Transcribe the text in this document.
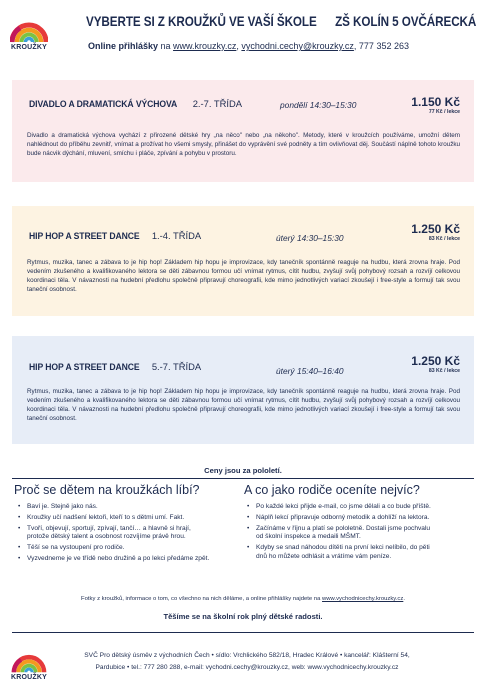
KROUŽKY
VYBERTE SI Z KROUŽKŮ VE VAŠÍ ŠKOLE ZŠ KOLÍN 5 OVČÁRECKÁ
Online přihlášky na www.krouzky.cz, vychodni.cechy@krouzky.cz, 777 352 263
DIVADLO A DRAMATICKÁ VÝCHOVA 2.-7. TŘÍDA	pondělí 14:30–15:30	1.150 Kč
77 Kč / lekce
Divadlo a dramatická výchova vychází z přirozené dětské hry „na něco" nebo „na někoho". Metody, které v kroužcích používáme, umožní dětem nahlédnout do příběhu zevnitř, vnímat a prožívat ho všemi smysly, přinášet do vyprávění své podněty a tím ovlivňovat děj. Součástí náplně tohoto kroužku bude nácvik dýchání, mluvení, smíchu i pláče, zpívání a pohybu v prostoru.
HIP HOP A STREET DANCE 1.-4. TŘÍDA	úterý 14:30–15:30
1.250 Kč
83 Kč / lekce
Rytmus, muzika, tanec a zábava to je hip hop! Základem hip hopu je improvizace, kdy tanečník spontánně reaguje na hudbu, která zrovna hraje. Pod vedením zkušeného a kvalifikovaného lektora se děti zábavnou formou učí vnímat rytmus, cítit hudbu, zvyšují svůj pohybový rozsah a rozvíjí celkovou koordinaci těla. V návaznosti na hudební předlohu společně připravují choreografii, kde mimo jednotlivých variací zkoušejí i free-style a formují tak svou taneční osobnost.
HIP HOP A STREET DANCE 5.-7. TŘÍDA	úterý 15:40–16:40
1.250 Kč
83 Kč / lekce
Rytmus, muzika, tanec a zábava to je hip hop! Základem hip hopu je improvizace, kdy tanečník spontánně reaguje na hudbu, která zrovna hraje. Pod vedením zkušeného a kvalifikovaného lektora se děti zábavnou formou učí vnímat rytmus, cítit hudbu, zvyšují svůj pohybový rozsah a rozvíjí celkovou koordinaci těla. V návaznosti na hudební předlohu společně připravují choreografii, kde mimo jednotlivých variací zkoušejí i free-style a formují tak svou taneční osobnost.
Ceny jsou za pololetí.
Proč se dětem na kroužkách líbí?
• Baví je. Stejně jako nás.
• Kroužky učí nadšení lektoři, kteří to s dětmi umí. Fakt.
• Tvoří, objevují, sportují, zpívají, tančí… a hlavně si hrají, protože dětský talent a osobnost rozvíjíme právě hrou.
• Těší se na vystoupení pro rodiče.
• Vyzvedneme je ve třídě nebo družině a po lekci předáme zpět.
A co jako rodiče oceníte nejvíc?
• Po každé lekci přijde e-mail, co jsme dělali a co bude příště.
• Náplň lekcí připravuje odborný metodik a dohlíží na lektora.
• Začínáme v říjnu a platí se pololetně. Dostali jsme pochvalu od školní inspekce a medaili MŠMT.
• Kdyby se snad náhodou dítěti na první lekci nelíbilo, do pěti dnů ho můžete odhlásit a vrátíme vám peníze.
Fotky z kroužků, informace o tom, co všechno na nich děláme, a online přihlášky najdete na www.vychodnicechy.krouzky.cz.
Těšíme se na školní rok plný dětské radosti.
KROUŽKY
SVČ Pro dětský úsměv z východních Čech • sídlo: Vrchlického 582/18, Hradec Králové • kancelář: Klášterní 54,
Pardubice • tel.: 777 280 288, e-mail: vychodni.cechy@krouzky.cz, web: www.vychodnicechy.krouzky.cz
